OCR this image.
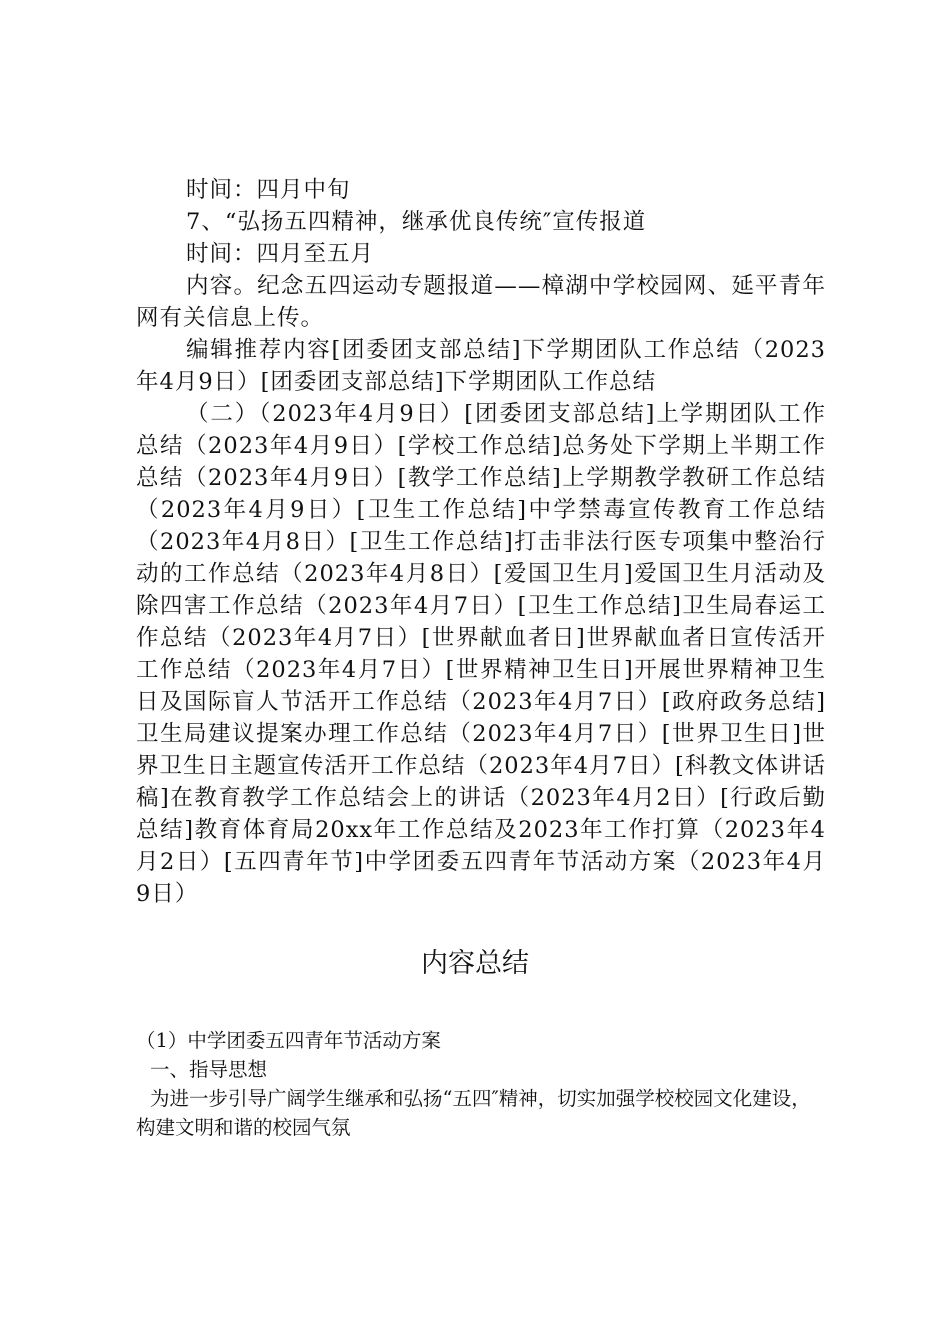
时间：四月中旬

7、“弘扬五四精神，继承优良传统″宣传报道

时间：四月至五月

内容。纪念五四运动专题报道——樟湖中学校园网、延平青年网有关信息上传。

编辑推荐内容[团委团支部总结]下学期团队工作总结（2023年4月9日）[团委团支部总结]下学期团队工作总结

（二）（2023年4月9日）[团委团支部总结]上学期团队工作总结（2023年4月9日）[学校工作总结]总务处下学期上半期工作总结（2023年4月9日）[教学工作总结]上学期教学教研工作总结（2023年4月9日）[卫生工作总结]中学禁毒宣传教育工作总结（2023年4月8日）[卫生工作总结]打击非法行医专项集中整治行动的工作总结（2023年4月8日）[爱国卫生月]爱国卫生月活动及除四害工作总结（2023年4月7日）[卫生工作总结]卫生局春运工作总结（2023年4月7日）[世界献血者日]世界献血者日宣传活开工作总结（2023年4月7日）[世界精神卫生日]开展世界精神卫生日及国际盲人节活开工作总结（2023年4月7日）[政府政务总结]卫生局建议提案办理工作总结（2023年4月7日）[世界卫生日]世界卫生日主题宣传活开工作总结（2023年4月7日）[科教文体讲话稿]在教育教学工作总结会上的讲话（2023年4月2日）[行政后勤总结]教育体育局20xx年工作总结及2023年工作打算（2023年4月2日）[五四青年节]中学团委五四青年节活动方案（2023年4月9日）

内容总结

（1）中学团委五四青年节活动方案

一、指导思想

为进一步引导广阔学生继承和弘扬“五四″精神，切实加强学校校园文化建设，构建文明和谐的校园气氛
